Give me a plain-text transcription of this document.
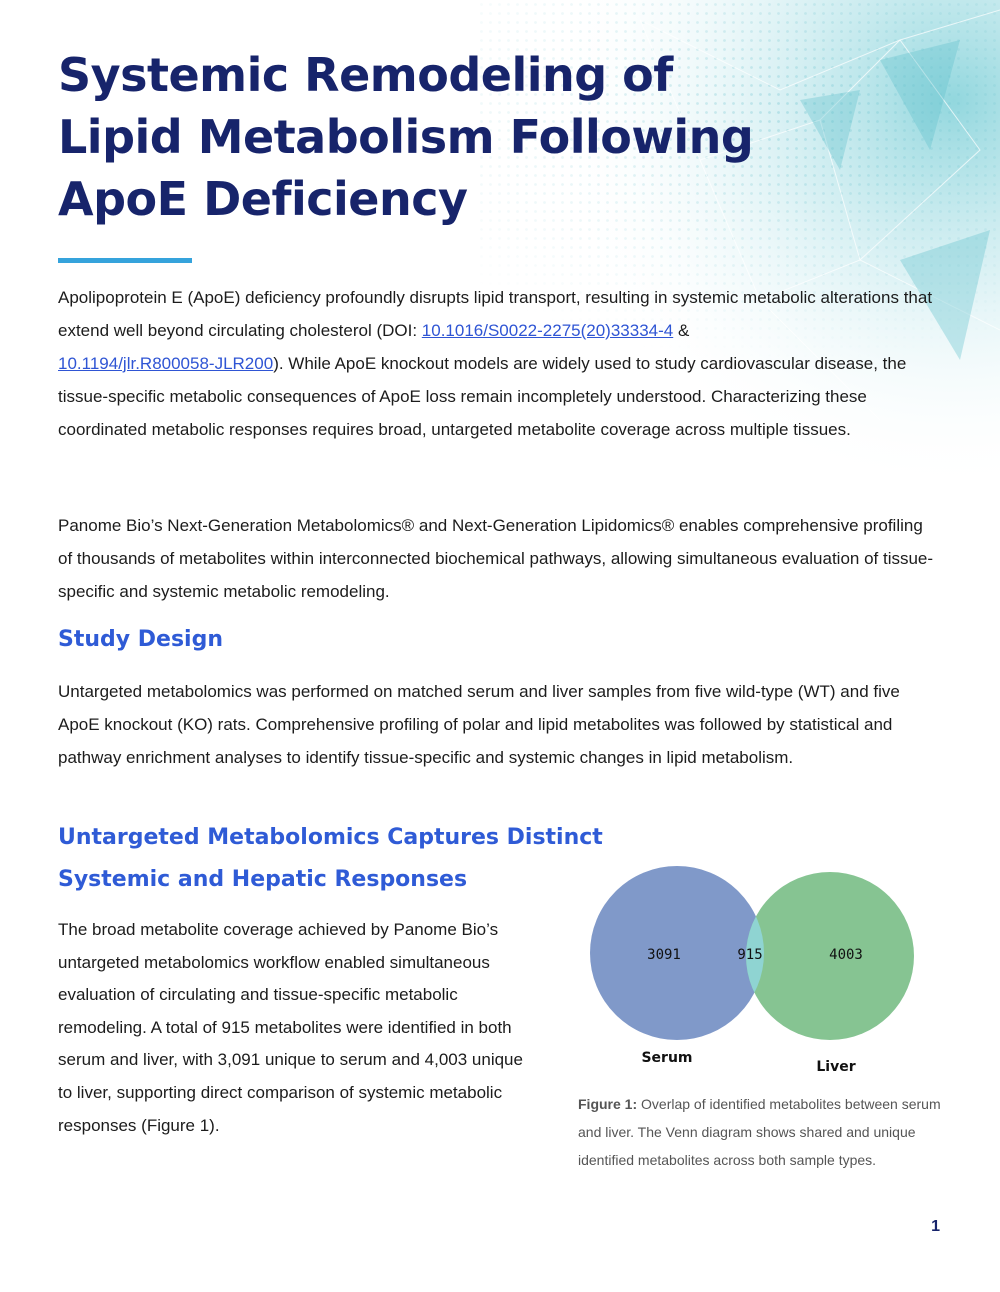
Systemic Remodeling of Lipid Metabolism Following ApoE Deficiency

Apolipoprotein E (ApoE) deficiency profoundly disrupts lipid transport, resulting in systemic metabolic alterations that extend well beyond circulating cholesterol (DOI: 10.1016/S0022-2275(20)33334-4 &
10.1194/jlr.R800058-JLR200). While ApoE knockout models are widely used to study cardiovascular disease, the tissue-specific metabolic consequences of ApoE loss remain incompletely understood. Characterizing these coordinated metabolic responses requires broad, untargeted metabolite coverage across multiple tissues.

Panome Bio’s Next-Generation Metabolomics® and Next-Generation Lipidomics® enables comprehensive profiling of thousands of metabolites within interconnected biochemical pathways, allowing simultaneous evaluation of tissue-specific and systemic metabolic remodeling.

Study Design

Untargeted metabolomics was performed on matched serum and liver samples from five wild-type (WT) and five ApoE knockout (KO) rats. Comprehensive profiling of polar and lipid metabolites was followed by statistical and pathway enrichment analyses to identify tissue-specific and systemic changes in lipid metabolism.

Untargeted Metabolomics Captures Distinct
Systemic and Hepatic Responses

The broad metabolite coverage achieved by Panome Bio’s untargeted metabolomics workflow enabled simultaneous evaluation of circulating and tissue-specific metabolic remodeling. A total of 915 metabolites were identified in both serum and liver, with 3,091 unique to serum and 4,003 unique to liver, supporting direct comparison of systemic metabolic responses (Figure 1).

3091	915	4003
Serum
Liver

Figure 1: Overlap of identified metabolites between serum and liver. The Venn diagram shows shared and unique identified metabolites across both sample types.

1
